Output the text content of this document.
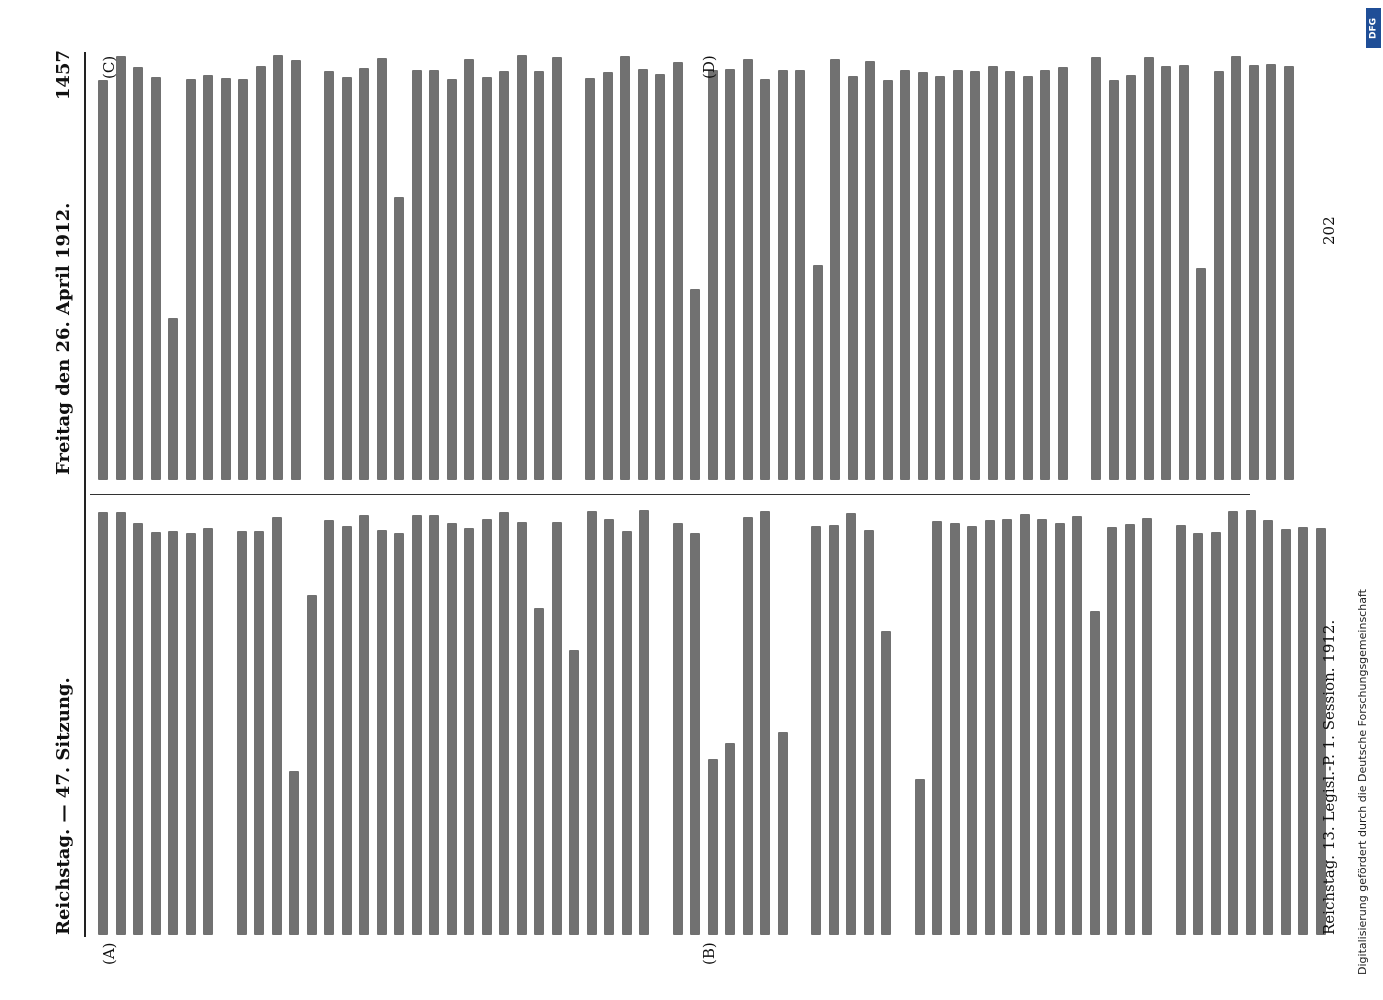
Reichstag. — 47. Sitzung.
Freitag den 26. April 1912.
1457
(A)	(B)
(C)	(D)
Reichstag. 13. Legisl.-P. 1. Session. 1912.
202
Digitalisierung gefördert durch die Deutsche Forschungsgemeinschaft
DFG
